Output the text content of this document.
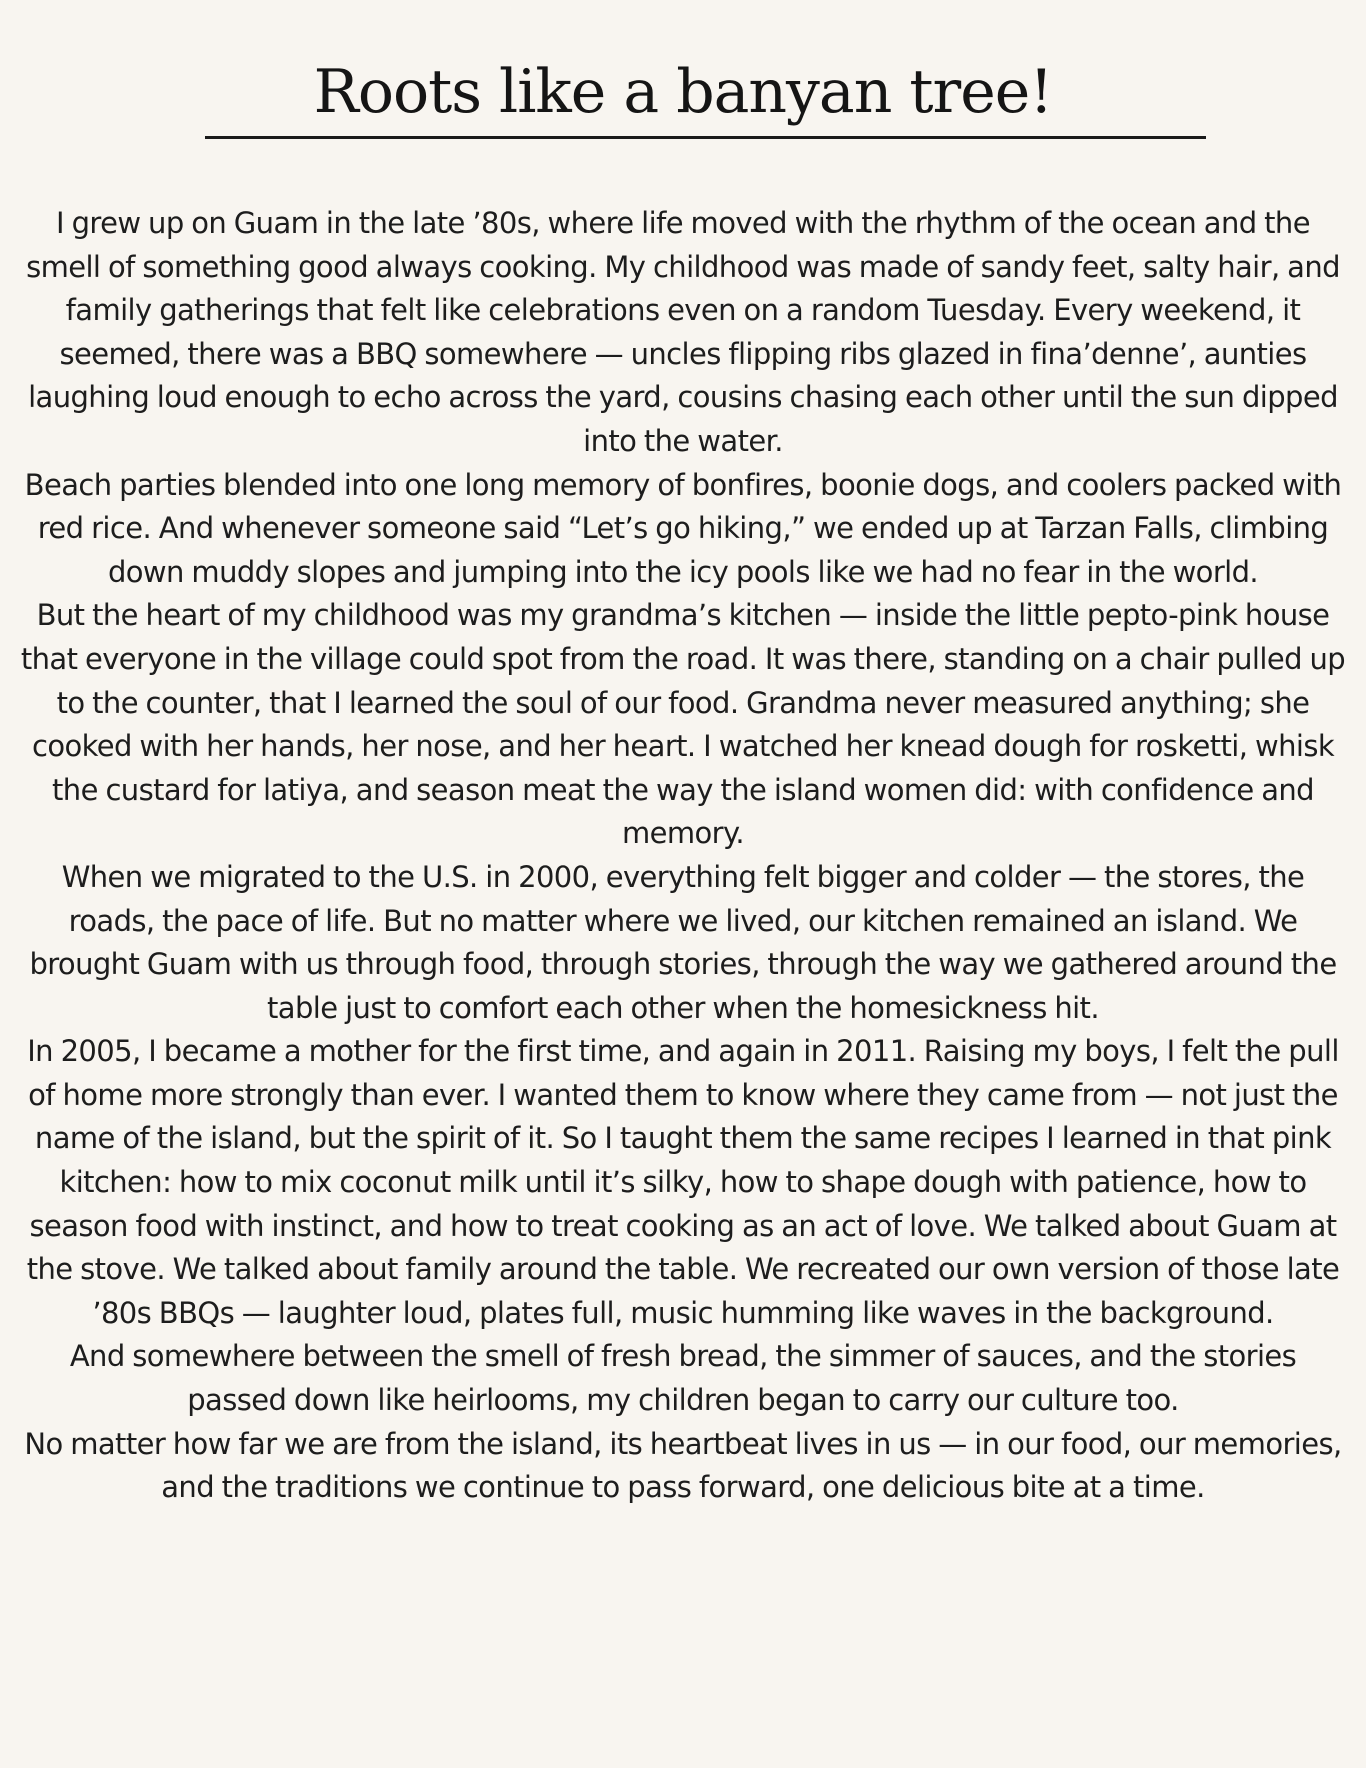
Roots like a banyan tree!

I grew up on Guam in the late ’80s, where life moved with the rhythm of the ocean and the smell of something good always cooking. My childhood was made of sandy feet, salty hair, and family gatherings that felt like celebrations even on a random Tuesday. Every weekend, it seemed, there was a BBQ somewhere — uncles flipping ribs glazed in fina’denne’, aunties laughing loud enough to echo across the yard, cousins chasing each other until the sun dipped into the water.

Beach parties blended into one long memory of bonfires, boonie dogs, and coolers packed with red rice. And whenever someone said “Let’s go hiking,” we ended up at Tarzan Falls, climbing down muddy slopes and jumping into the icy pools like we had no fear in the world.

But the heart of my childhood was my grandma’s kitchen — inside the little pepto-pink house that everyone in the village could spot from the road. It was there, standing on a chair pulled up to the counter, that I learned the soul of our food. Grandma never measured anything; she cooked with her hands, her nose, and her heart. I watched her knead dough for rosketti, whisk the custard for latiya, and season meat the way the island women did: with confidence and memory.

When we migrated to the U.S. in 2000, everything felt bigger and colder — the stores, the roads, the pace of life. But no matter where we lived, our kitchen remained an island. We brought Guam with us through food, through stories, through the way we gathered around the table just to comfort each other when the homesickness hit.

In 2005, I became a mother for the first time, and again in 2011. Raising my boys, I felt the pull of home more strongly than ever. I wanted them to know where they came from — not just the name of the island, but the spirit of it. So I taught them the same recipes I learned in that pink kitchen: how to mix coconut milk until it’s silky, how to shape dough with patience, how to season food with instinct, and how to treat cooking as an act of love. We talked about Guam at the stove. We talked about family around the table. We recreated our own version of those late ’80s BBQs — laughter loud, plates full, music humming like waves in the background.

And somewhere between the smell of fresh bread, the simmer of sauces, and the stories passed down like heirlooms, my children began to carry our culture too.

No matter how far we are from the island, its heartbeat lives in us — in our food, our memories, and the traditions we continue to pass forward, one delicious bite at a time.
